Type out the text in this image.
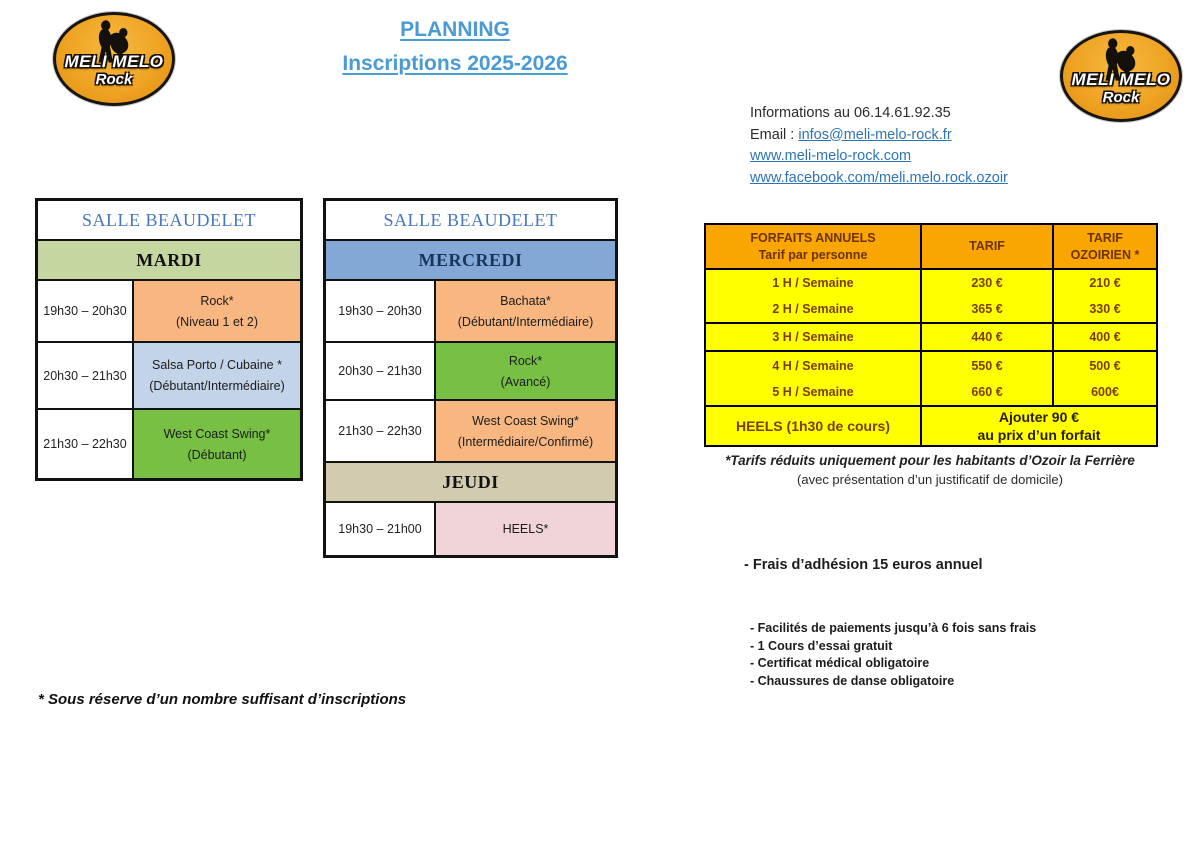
MELI MELO
Rock	MELI MELO
Rock
PLANNING
Inscriptions 2025-2026
Informations au 06.14.61.92.35
Email : infos@meli-melo-rock.fr
www.meli-melo-rock.com
www.facebook.com/meli.melo.rock.ozoir
SALLE BEAUDELET
MARDI
19h30 – 20h30
Rock*
(Niveau 1 et 2)
20h30 – 21h30
Salsa Porto / Cubaine *
(Débutant/Intermédiaire)
21h30 – 22h30
West Coast Swing*
(Débutant)
SALLE BEAUDELET
MERCREDI
19h30 – 20h30
Bachata*
(Débutant/Intermédiaire)
20h30 – 21h30
Rock*
(Avancé)
21h30 – 22h30
West Coast Swing*
(Intermédiaire/Confirmé)
JEUDI
19h30 – 21h00	HEELS*
FORFAITS ANNUELS
Tarif par personne	TARIF	TARIF OZOIRIEN *
1 H / Semaine	230 €	210 €
2 H / Semaine	365 €	330 €
3 H / Semaine	440 €	400 €
4 H / Semaine	550 €	500 €
5 H / Semaine	660 €	600€
HEELS (1h30 de cours)	Ajouter 90 €
au prix d’un forfait	
*Tarifs réduits uniquement pour les habitants d’Ozoir la Ferrière
(avec présentation d’un justificatif de domicile)
- Frais d’adhésion 15 euros annuel
- Facilités de paiements jusqu’à 6 fois sans frais
- 1 Cours d’essai gratuit
- Certificat médical obligatoire
- Chaussures de danse obligatoire
* Sous réserve d’un nombre suffisant d’inscriptions
